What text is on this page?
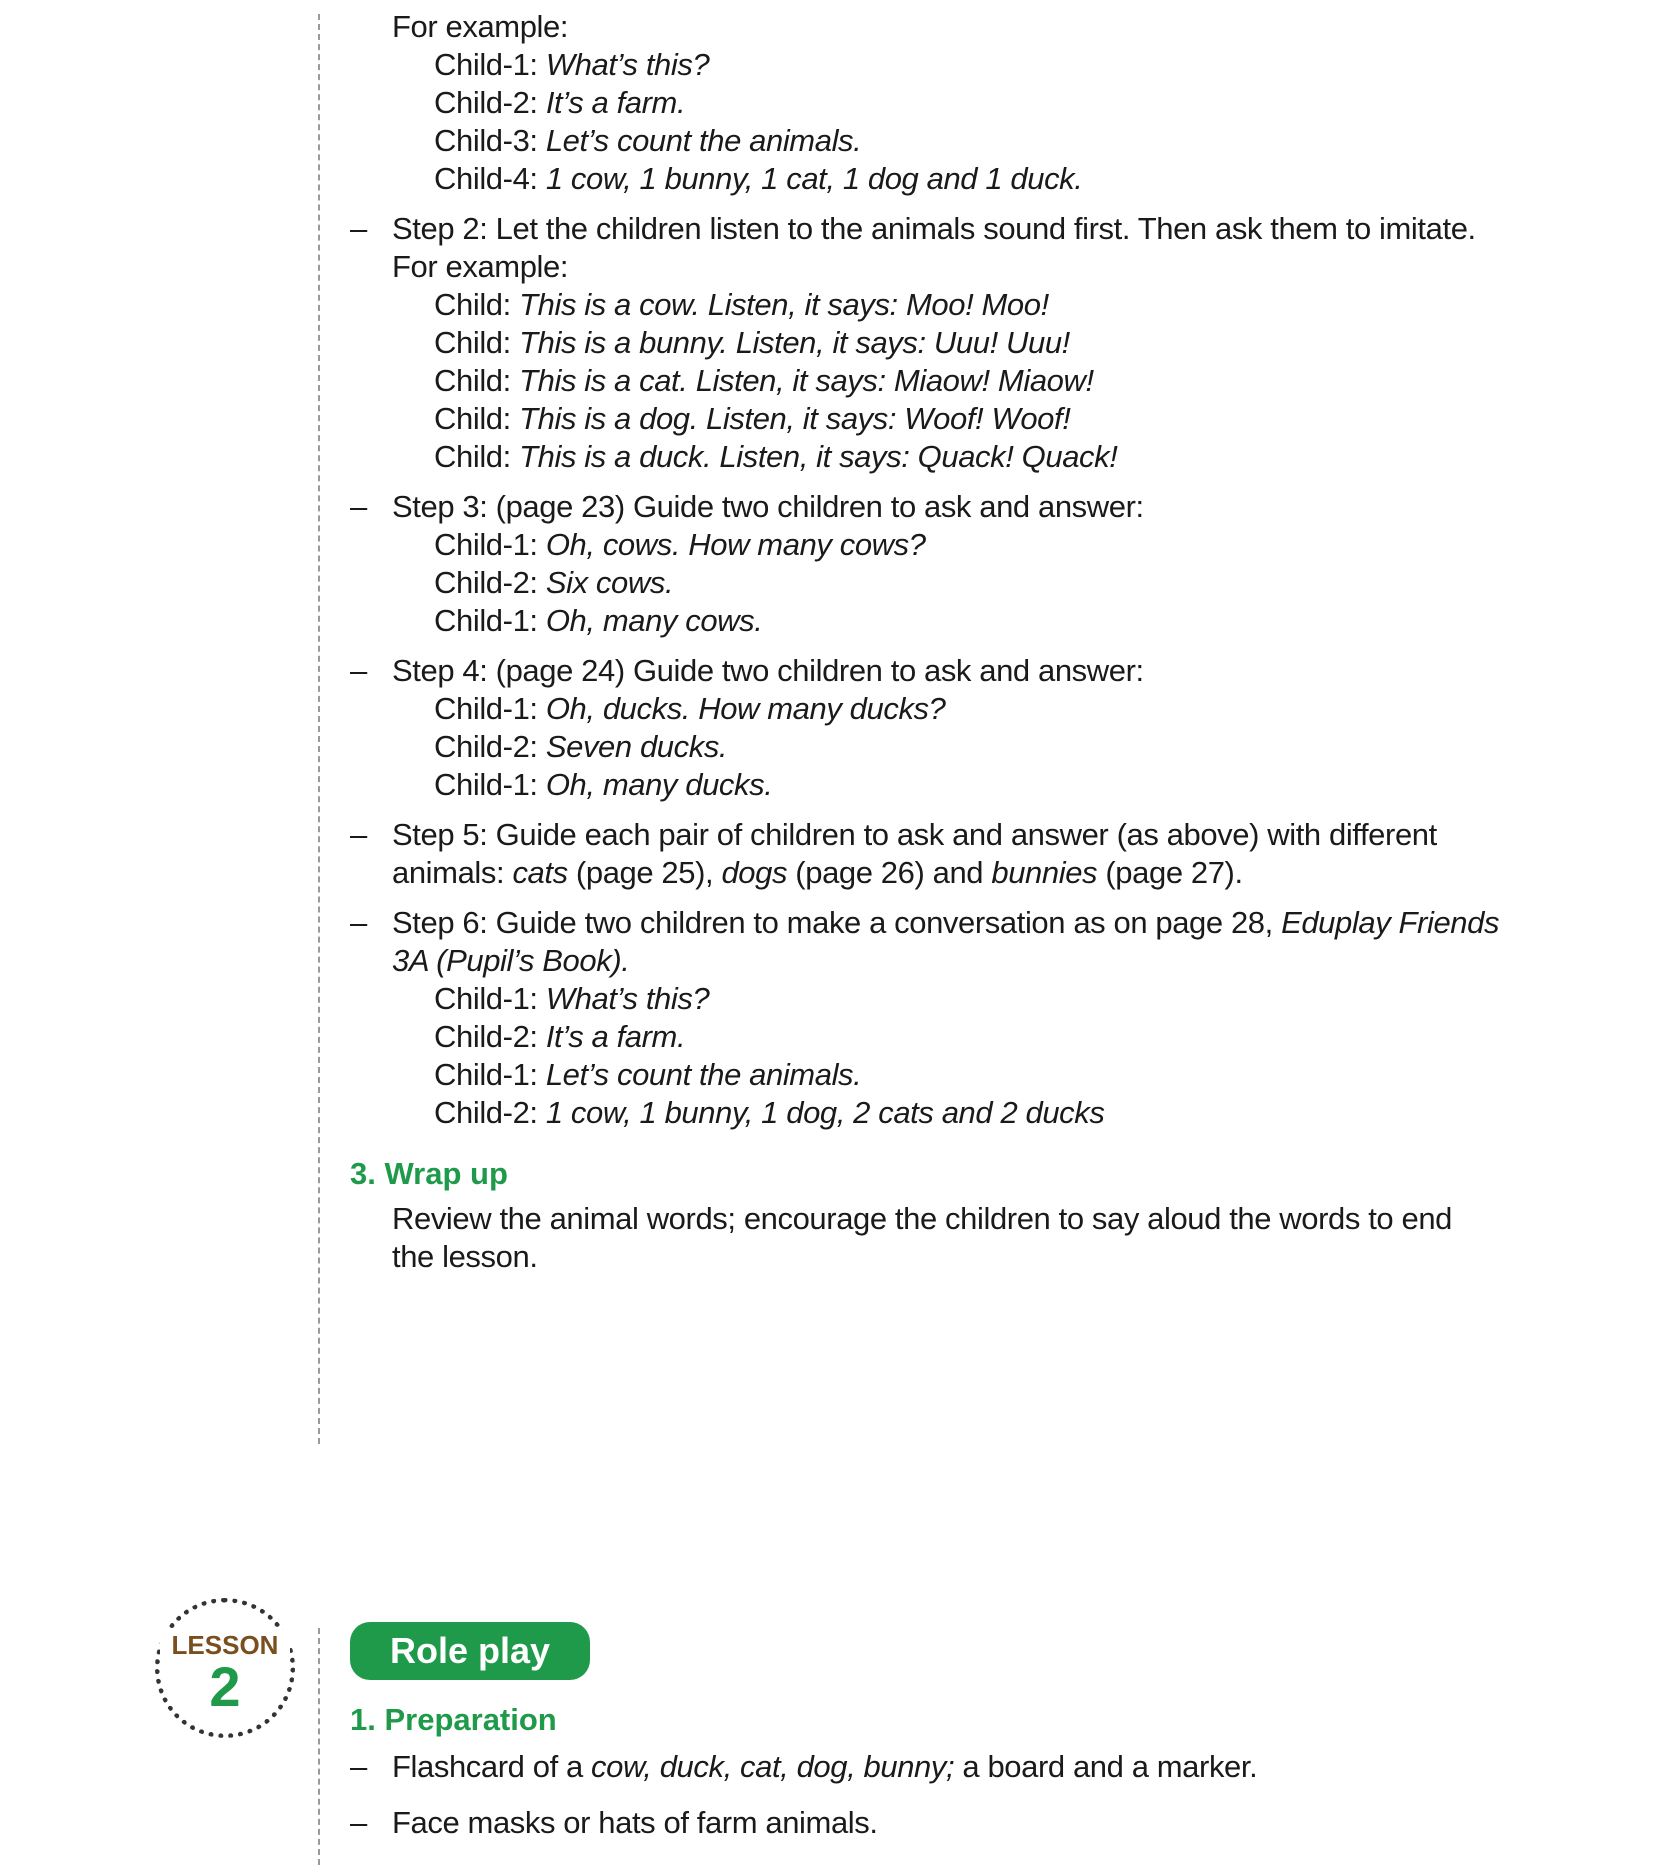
For example:

Child-1: What’s this?

Child-2: It’s a farm.

Child-3: Let’s count the animals.

Child-4: 1 cow, 1 bunny, 1 cat, 1 dog and 1 duck.

– Step 2: Let the children listen to the animals sound first. Then ask them to imitate.

For example:

Child: This is a cow. Listen, it says: Moo! Moo!

Child: This is a bunny. Listen, it says: Uuu! Uuu!

Child: This is a cat. Listen, it says: Miaow! Miaow!

Child: This is a dog. Listen, it says: Woof! Woof!

Child: This is a duck. Listen, it says: Quack! Quack!

– Step 3: (page 23) Guide two children to ask and answer:

Child-1: Oh, cows. How many cows?

Child-2: Six cows.

Child-1: Oh, many cows.

– Step 4: (page 24) Guide two children to ask and answer:

Child-1: Oh, ducks. How many ducks?

Child-2: Seven ducks.

Child-1: Oh, many ducks.

– Step 5: Guide each pair of children to ask and answer (as above) with different

animals: cats (page 25), dogs (page 26) and bunnies (page 27).

– Step 6: Guide two children to make a conversation as on page 28, Eduplay Friends

3A (Pupil’s Book).

Child-1: What’s this?

Child-2: It’s a farm.

Child-1: Let’s count the animals.

Child-2: 1 cow, 1 bunny, 1 dog, 2 cats and 2 ducks

3. Wrap up

Review the animal words; encourage the children to say aloud the words to end

the lesson.

LESSON
2
Role play
1. Preparation
– Flashcard of a cow, duck, cat, dog, bunny; a board and a marker.

– Face masks or hats of farm animals.
